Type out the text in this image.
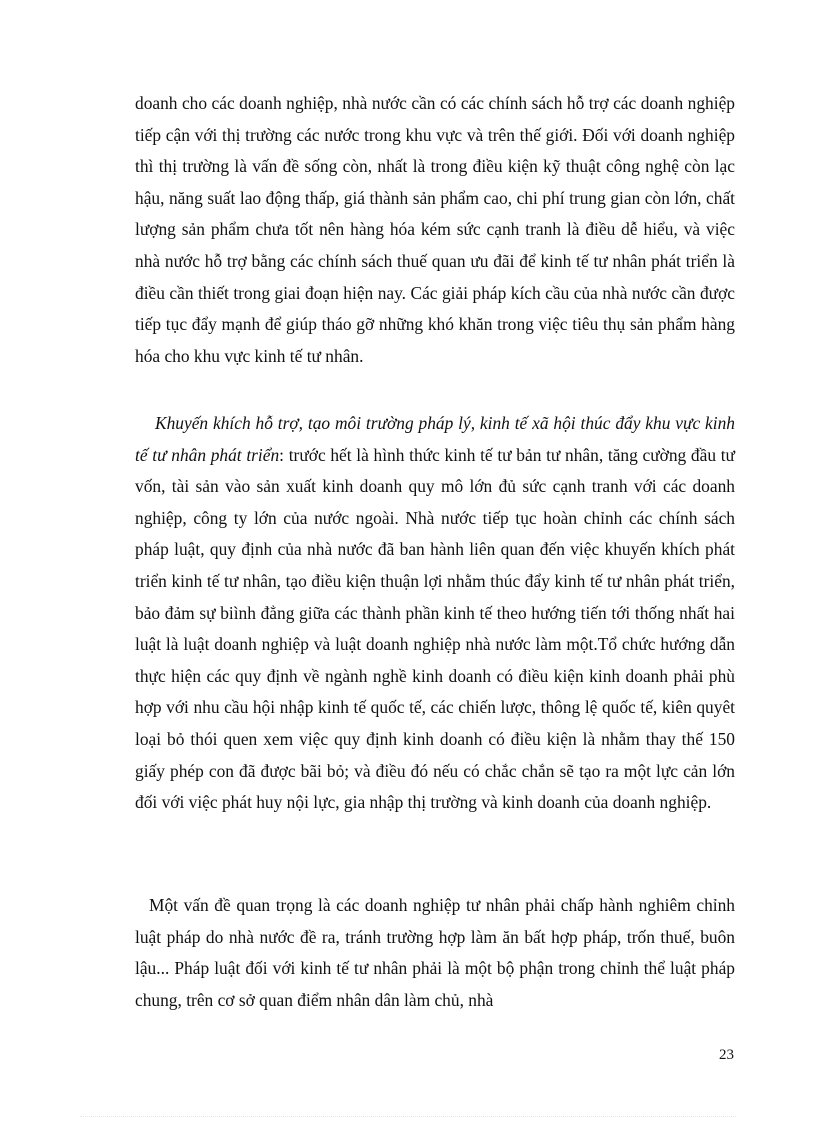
doanh cho các doanh nghiệp, nhà nước cần có các chính sách hỗ trợ các doanh nghiệp tiếp cận với thị trường các nước trong khu vực và trên thế giới. Đối với doanh nghiệp thì thị trường là vấn đề sống còn, nhất là trong điều kiện kỹ thuật công nghệ còn lạc hậu, năng suất lao động thấp, giá thành sản phẩm cao, chi phí trung gian còn lớn, chất lượng sản phẩm chưa tốt nên hàng hóa kém sức cạnh tranh là điều dễ hiểu, và việc nhà nước hỗ trợ bằng các chính sách thuế quan ưu đãi để kinh tế tư nhân phát triển là điều cần thiết trong giai đoạn hiện nay. Các giải pháp kích cầu của nhà nước cần được tiếp tục đẩy mạnh để giúp tháo gỡ những khó khăn trong việc tiêu thụ sản phẩm hàng hóa cho khu vực kinh tế tư nhân.

Khuyến khích hỗ trợ, tạo môi trường pháp lý, kinh tế xã hội thúc đẩy khu vực kinh tế tư nhân phát triển: trước hết là hình thức kinh tế tư bản tư nhân, tăng cường đầu tư vốn, tài sản vào sản xuất kinh doanh quy mô lớn đủ sức cạnh tranh với các doanh nghiệp, công ty lớn của nước ngoài. Nhà nước tiếp tục hoàn chỉnh các chính sách pháp luật, quy định của nhà nước đã ban hành liên quan đến việc khuyến khích phát triển kinh tế tư nhân, tạo điều kiện thuận lợi nhằm thúc đẩy kinh tế tư nhân phát triển, bảo đảm sự biình đẳng giữa các thành phần kinh tế theo hướng tiến tới thống nhất hai luật là luật doanh nghiệp và luật doanh nghiệp nhà nước làm một.Tổ chức hướng dẫn thực hiện các quy định về ngành nghề kinh doanh có điều kiện kinh doanh phải phù hợp với nhu cầu hội nhập kinh tế quốc tế, các chiến lược, thông lệ quốc tế, kiên quyêt loại bỏ thói quen xem việc quy định kinh doanh có điều kiện là nhằm thay thế 150 giấy phép con đã được bãi bỏ; và điều đó nếu có chắc chắn sẽ tạo ra một lực cản lớn đối với việc phát huy nội lực, gia nhập thị trường và kinh doanh của doanh nghiệp.

Một vấn đề quan trọng là các doanh nghiệp tư nhân phải chấp hành nghiêm chỉnh luật pháp do nhà nước đề ra, tránh trường hợp làm ăn bất hợp pháp, trốn thuế, buôn lậu... Pháp luật đối với kinh tế tư nhân phải là một bộ phận trong chỉnh thể luật pháp chung, trên cơ sở quan điểm nhân dân làm chủ, nhà

23
